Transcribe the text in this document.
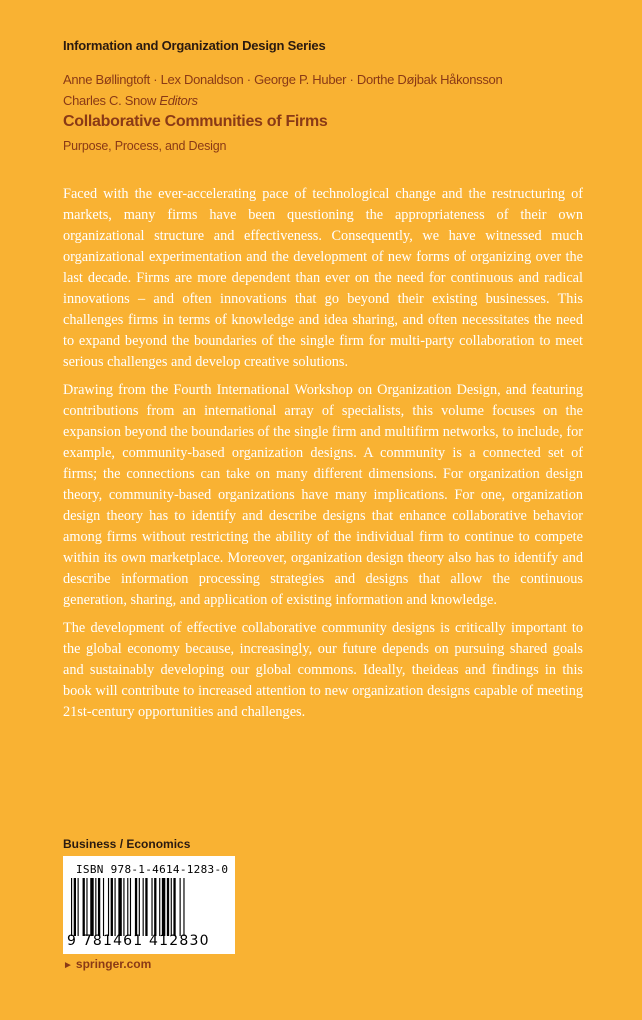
Information and Organization Design Series
Anne Bøllingtoft · Lex Donaldson · George P. Huber · Dorthe Døjbak Håkonsson
Charles C. Snow Editors
Collaborative Communities of Firms
Purpose, Process, and Design

Faced with the ever-accelerating pace of technological change and the restructuring of markets, many firms have been questioning the appropriateness of their own organizational structure and effectiveness. Consequently, we have witnessed much organizational experimentation and the development of new forms of organizing over the last decade. Firms are more dependent than ever on the need for continuous and radical innovations – and often innovations that go beyond their existing businesses. This challenges firms in terms of knowledge and idea sharing, and often necessitates the need to expand beyond the boundaries of the single firm for multi-party collaboration to meet serious challenges and develop creative solutions.

Drawing from the Fourth International Workshop on Organization Design, and featuring contributions from an international array of specialists, this volume focuses on the expansion beyond the boundaries of the single firm and multifirm networks, to include, for example, community-based organization designs. A community is a connected set of firms; the connections can take on many different dimensions. For organization design theory, community-based organizations have many implications. For one, organization design theory has to identify and describe designs that enhance collaborative behavior among firms without restricting the ability of the individual firm to continue to compete within its own marketplace. Moreover, organization design theory also has to identify and describe information processing strategies and designs that allow the continuous generation, sharing, and application of existing information and knowledge.

The development of effective collaborative community designs is critically important to the global economy because, increasingly, our future depends on pursuing shared goals and sustainably developing our global commons. Ideally, theideas and findings in this book will contribute to increased attention to new organization designs capable of meeting 21st-century opportunities and challenges.

Business / Economics
ISBN 978-1-4614-1283-0
9 781461 412830
► springer.com
